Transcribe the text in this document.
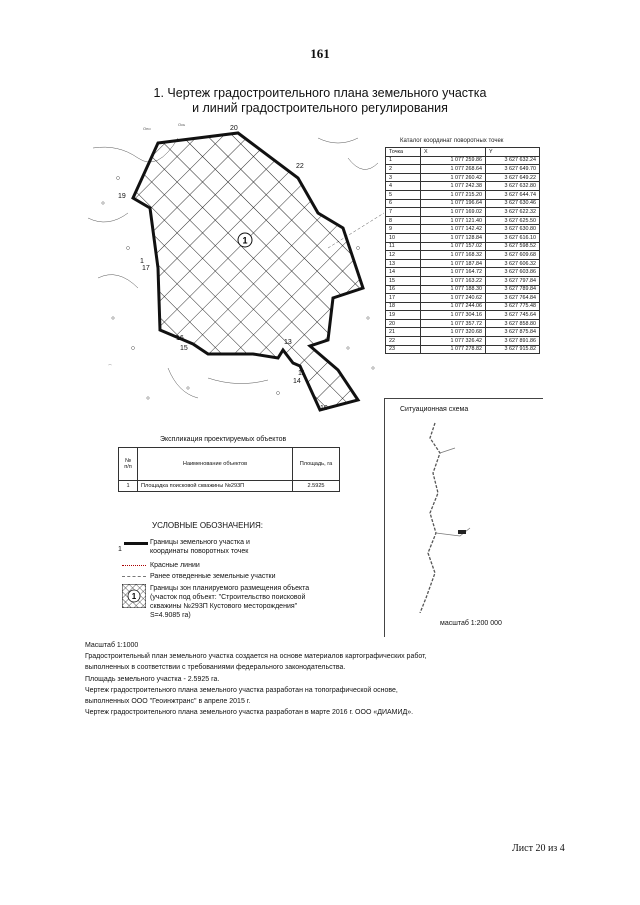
161
1. Чертеж градостроительного плана земельного участка
и линий градостроительного регулирования
Оно
Ось
⌒
1
20
22
19
1
17
16
15
13
14
11
10
Каталог координат поворотных точек
Точка	X	Y
1	1 077 259.86	3 627 632.24
2	1 077 268.64	3 627 649.70
3	1 077 260.42	3 627 649.22
4	1 077 242.38	3 627 632.80
5	1 077 215.20	3 627 644.74
6	1 077 196.64	3 627 630.46
7	1 077 169.02	3 627 622.32
8	1 077 121.40	3 627 625.50
9	1 077 142.42	3 627 630.80
10	1 077 128.84	3 627 616.10
11	1 077 157.02	3 627 598.52
12	1 077 168.32	3 627 609.68
13	1 077 187.84	3 627 606.32
14	1 077 164.72	3 627 603.86
15	1 077 163.22	3 627 797.84
16	1 077 188.30	3 627 789.84
17	1 077 240.62	3 627 764.84
18	1 077 244.06	3 627 775.48
19	1 077 304.16	3 627 745.64
20	1 077 357.72	3 627 858.80
21	1 077 320.68	3 627 875.84
22	1 077 326.42	3 627 891.86
23	1 077 278.82	3 627 915.82
Ситуационная схема
масштаб 1:200 000
Экспликация проектируемых объектов
№ п/п	Наименование объектов	Площадь, га
1	Площадка поисковой скважины №293П	2.5925
УСЛОВНЫЕ ОБОЗНАЧЕНИЯ:
1
Границы земельного участка и координаты поворотных точек
Красные линии
Ранее отведенные земельные участки
1
Границы зон планируемого размещения объекта
(участок под объект: "Строительство поисковой
скважины №293П Кустового месторождения"
S=4.9085 га)
Масштаб 1:1000
Градостроительный план земельного участка создается на основе материалов картографических работ,
выполненных в соответствии с требованиями федерального законодательства.
Площадь земельного участка - 2.5925 га.
Чертеж градостроительного плана земельного участка разработан на топографической основе,
выполненных ООО "Геоинжтранс" в апреле 2015 г.
Чертеж градостроительного плана земельного участка разработан в марте 2016 г. ООО «ДИАМИД».
Лист 20 из 4
